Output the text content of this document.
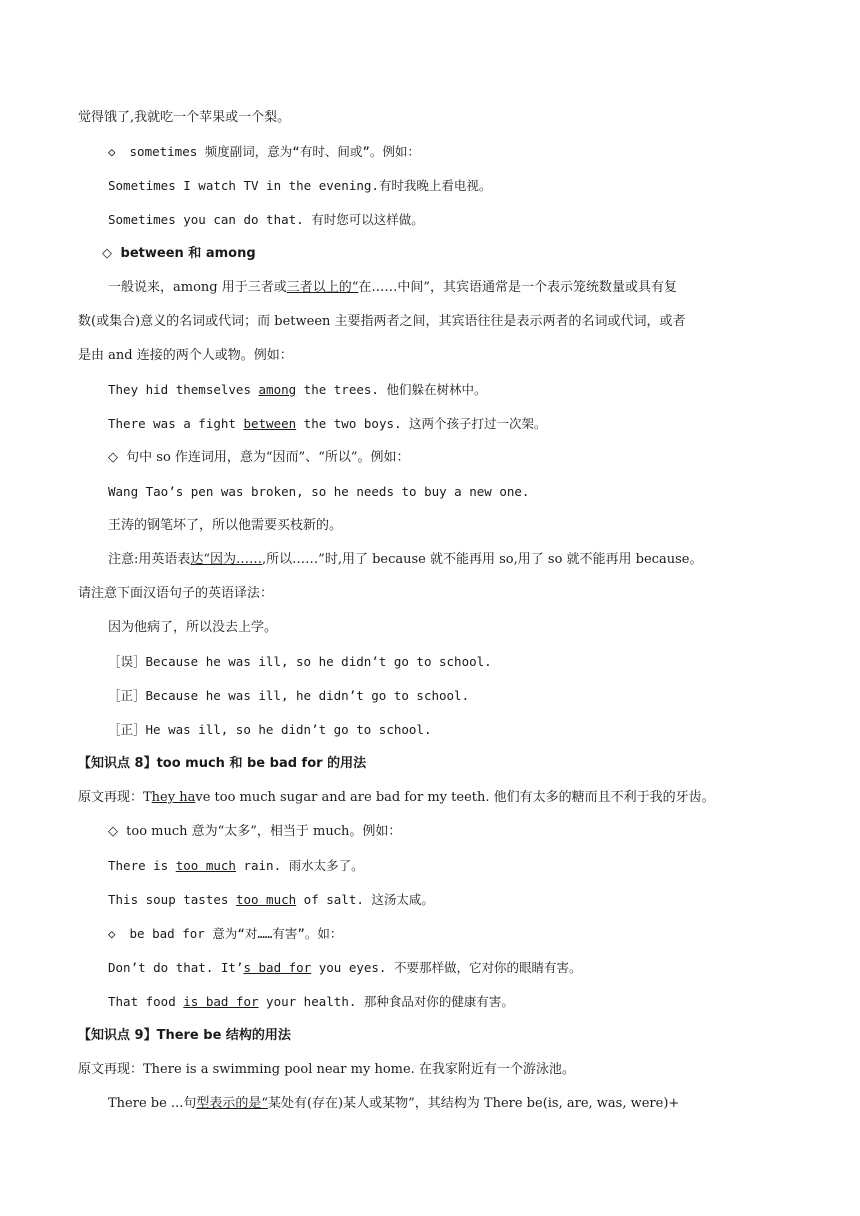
觉得饿了,我就吃一个苹果或一个梨。
◇ sometimes 频度副词，意为“有时、间或”。例如：
Sometimes I watch TV in the evening.有时我晚上看电视。
Sometimes you can do that. 有时您可以这样做。
◇ between 和 among
一般说来，among 用于三者或三者以上的“在……中间”，其宾语通常是一个表示笼统数量或具有复
数(或集合)意义的名词或代词；而 between 主要指两者之间，其宾语往往是表示两者的名词或代词，或者
是由 and 连接的两个人或物。例如：
They hid themselves among the trees. 他们躲在树林中。
There was a fight between the two boys. 这两个孩子打过一次架。
◇ 句中 so 作连词用，意为“因而”、“所以”。例如：
Wang Tao’s pen was broken, so he needs to buy a new one.
王涛的钢笔坏了，所以他需要买枝新的。
注意:用英语表达“因为……,所以……”时,用了 because 就不能再用 so,用了 so 就不能再用 because。
请注意下面汉语句子的英语译法：
因为他病了，所以没去上学。
［误］Because he was ill, so he didn’t go to school.
［正］Because he was ill, he didn’t go to school.
［正］He was ill, so he didn’t go to school.
【知识点 8】too much 和 be bad for 的用法
原文再现：They have too much sugar and are bad for my teeth. 他们有太多的糖而且不利于我的牙齿。
◇ too much 意为“太多”，相当于 much。例如：
There is too much rain. 雨水太多了。
This soup tastes too much of salt. 这汤太咸。
◇ be bad for 意为“对……有害”。如：
Don’t do that. It’s bad for you eyes. 不要那样做，它对你的眼睛有害。
That food is bad for your health. 那种食品对你的健康有害。
【知识点 9】There be 结构的用法
原文再现：There is a swimming pool near my home. 在我家附近有一个游泳池。
There be ...句型表示的是“某处有(存在)某人或某物”，其结构为 There be(is, are, was, were)+
